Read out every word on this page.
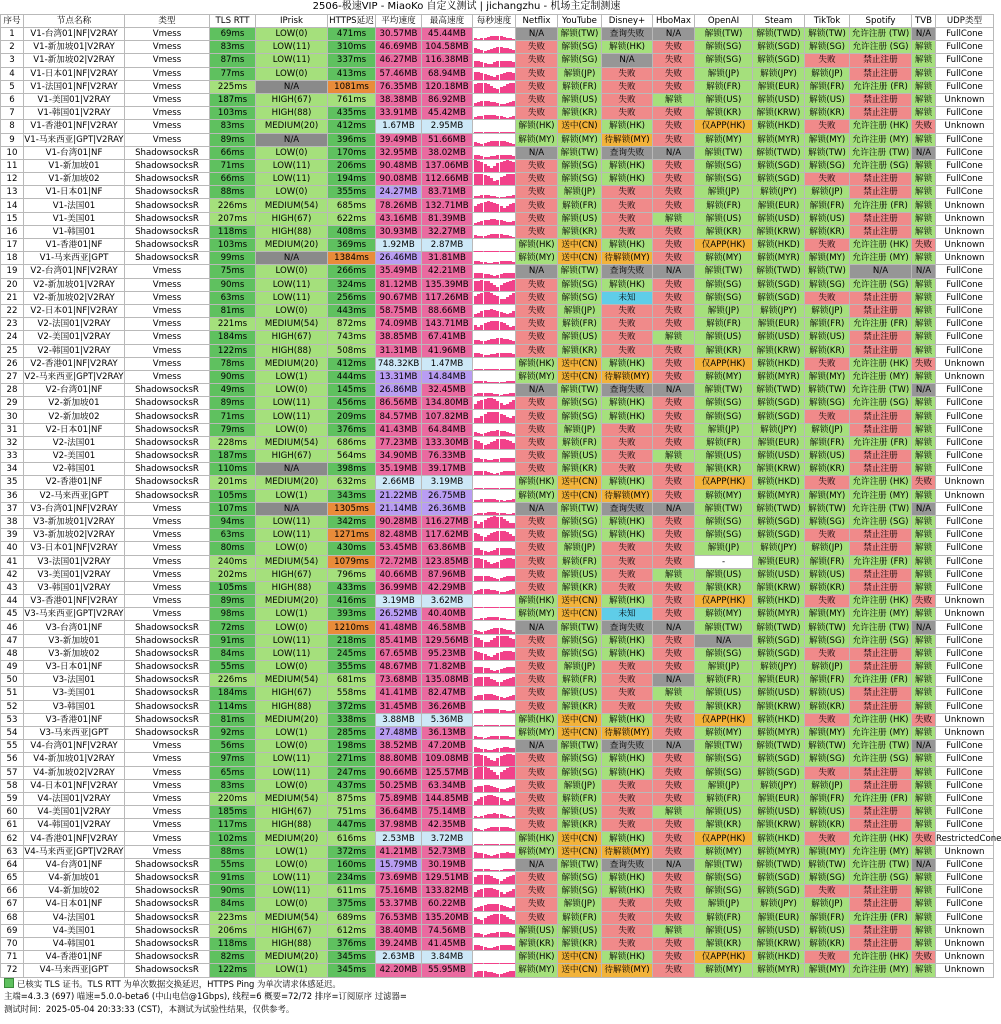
2506-极速VIP - MiaoKo 自定义测试 | jichangzhu - 机场主定制测速
序号	节点名称	类型	TLS RTT	IPrisk	HTTPS延迟	平均速度	最高速度	每秒速度	Netflix	YouTube	Disney+	HboMax	OpenAI	Steam	TikTok	Spotify	TVB	UDP类型
1	V1-台湾01|NF|V2RAY	Vmess	69ms	LOW(0)	471ms	30.57MB	45.44MB		N/A	解锁(TW)	查询失败	N/A	解锁(TW)	解锁(TWD)	解锁(TW)	允许注册 (TW)	N/A	FullCone
2	V1-新加坡01|V2RAY	Vmess	83ms	LOW(11)	310ms	46.69MB	104.58MB		失败	解锁(SG)	解锁(HK)	失败	解锁(SG)	解锁(SGD)	解锁(SG)	允许注册 (SG)	解锁	FullCone
3	V1-新加坡02|V2RAY	Vmess	87ms	LOW(11)	337ms	46.27MB	116.38MB		失败	解锁(SG)	N/A	失败	解锁(SG)	解锁(SGD)	失败	禁止注册	解锁	FullCone
4	V1-日本01|NF|V2RAY	Vmess	77ms	LOW(0)	413ms	57.46MB	68.94MB		失败	解锁(JP)	失败	失败	解锁(JP)	解锁(JPY)	解锁(JP)	禁止注册	解锁	FullCone
5	V1-法国01|NF|V2RAY	Vmess	225ms	N/A	1081ms	76.35MB	120.18MB		失败	解锁(FR)	失败	失败	解锁(FR)	解锁(EUR)	解锁(FR)	允许注册 (FR)	解锁	FullCone
6	V1-美国01|V2RAY	Vmess	187ms	HIGH(67)	761ms	38.38MB	86.92MB		失败	解锁(US)	失败	解锁	解锁(US)	解锁(USD)	解锁(US)	禁止注册	解锁	Unknown
7	V1-韩国01|V2RAY	Vmess	103ms	HIGH(88)	435ms	33.91MB	45.42MB		失败	解锁(KR)	失败	失败	解锁(KR)	解锁(KRW)	解锁(KR)	禁止注册	解锁	FullCone
8	V1-香港01|NF|V2RAY	Vmess	83ms	MEDIUM(20)	412ms	1.67MB	2.95MB		解锁(HK)	送中(CN)	解锁(HK)	失败	仅APP(HK)	解锁(HKD)	失败	允许注册 (HK)	失败	Unknown
9	V1-马来西亚|GPT|V2RAY	Vmess	89ms	N/A	396ms	39.49MB	51.66MB		解锁(MY)	解锁(MY)	待解锁(MY)	失败	解锁(MY)	解锁(MYR)	解锁(MY)	允许注册 (MY)	解锁	FullCone
10	V1-台湾01|NF	ShadowsocksR	66ms	LOW(0)	170ms	32.95MB	38.02MB		N/A	解锁(TW)	查询失败	N/A	解锁(TW)	解锁(TWD)	解锁(TW)	允许注册 (TW)	N/A	FullCone
11	V1-新加坡01	ShadowsocksR	71ms	LOW(11)	206ms	90.48MB	137.06MB		失败	解锁(SG)	解锁(HK)	失败	解锁(SG)	解锁(SGD)	解锁(SG)	允许注册 (SG)	解锁	FullCone
12	V1-新加坡02	ShadowsocksR	66ms	LOW(11)	194ms	90.08MB	112.66MB		失败	解锁(SG)	解锁(HK)	失败	解锁(SG)	解锁(SGD)	失败	禁止注册	解锁	FullCone
13	V1-日本01|NF	ShadowsocksR	88ms	LOW(0)	355ms	24.27MB	83.71MB		失败	解锁(JP)	失败	失败	解锁(JP)	解锁(JPY)	解锁(JP)	禁止注册	解锁	FullCone
14	V1-法国01	ShadowsocksR	226ms	MEDIUM(54)	685ms	78.26MB	132.71MB		失败	解锁(FR)	失败	失败	解锁(FR)	解锁(EUR)	解锁(FR)	允许注册 (FR)	解锁	Unknown
15	V1-美国01	ShadowsocksR	207ms	HIGH(67)	622ms	43.16MB	81.39MB		失败	解锁(US)	失败	解锁	解锁(US)	解锁(USD)	解锁(US)	禁止注册	解锁	Unknown
16	V1-韩国01	ShadowsocksR	118ms	HIGH(88)	408ms	30.93MB	32.27MB		失败	解锁(KR)	失败	失败	解锁(KR)	解锁(KRW)	解锁(KR)	禁止注册	解锁	Unknown
17	V1-香港01|NF	ShadowsocksR	103ms	MEDIUM(20)	369ms	1.92MB	2.87MB		解锁(HK)	送中(CN)	解锁(HK)	失败	仅APP(HK)	解锁(HKD)	失败	允许注册 (HK)	失败	Unknown
18	V1-马来西亚|GPT	ShadowsocksR	99ms	N/A	1384ms	26.46MB	31.81MB		解锁(MY)	送中(CN)	待解锁(MY)	失败	解锁(MY)	解锁(MYR)	解锁(MY)	允许注册 (MY)	解锁	Unknown
19	V2-台湾01|NF|V2RAY	Vmess	75ms	LOW(0)	266ms	35.49MB	42.21MB		N/A	解锁(TW)	查询失败	N/A	解锁(TW)	解锁(TWD)	解锁(TW)	N/A	N/A	FullCone
20	V2-新加坡01|V2RAY	Vmess	90ms	LOW(11)	324ms	81.12MB	135.39MB		失败	解锁(SG)	解锁(HK)	失败	解锁(SG)	解锁(SGD)	解锁(SG)	允许注册 (SG)	解锁	FullCone
21	V2-新加坡02|V2RAY	Vmess	63ms	LOW(11)	256ms	90.67MB	117.26MB		失败	解锁(SG)	未知	失败	解锁(SG)	解锁(SGD)	失败	禁止注册	解锁	FullCone
22	V2-日本01|NF|V2RAY	Vmess	81ms	LOW(0)	443ms	58.75MB	88.66MB		失败	解锁(JP)	失败	失败	解锁(JP)	解锁(JPY)	解锁(JP)	禁止注册	解锁	FullCone
23	V2-法国01|V2RAY	Vmess	221ms	MEDIUM(54)	872ms	74.09MB	143.71MB		失败	解锁(FR)	失败	失败	解锁(FR)	解锁(EUR)	解锁(FR)	允许注册 (FR)	解锁	FullCone
24	V2-美国01|V2RAY	Vmess	184ms	HIGH(67)	743ms	38.85MB	67.41MB		失败	解锁(US)	失败	解锁	解锁(US)	解锁(USD)	解锁(US)	禁止注册	解锁	FullCone
25	V2-韩国01|V2RAY	Vmess	122ms	HIGH(88)	508ms	31.31MB	41.96MB		失败	解锁(KR)	失败	失败	解锁(KR)	解锁(KRW)	解锁(KR)	禁止注册	解锁	FullCone
26	V2-香港01|NF|V2RAY	Vmess	78ms	MEDIUM(20)	412ms	748.32KB	1.47MB		解锁(HK)	送中(CN)	解锁(HK)	失败	仅APP(HK)	解锁(HKD)	失败	允许注册 (HK)	失败	Unknown
27	V2-马来西亚|GPT|V2RAY	Vmess	90ms	LOW(1)	444ms	13.31MB	14.84MB		解锁(MY)	送中(CN)	待解锁(MY)	失败	解锁(MY)	解锁(MYR)	解锁(MY)	允许注册 (MY)	解锁	Unknown
28	V2-台湾01|NF	ShadowsocksR	49ms	LOW(0)	145ms	26.86MB	32.45MB		N/A	解锁(TW)	查询失败	N/A	解锁(TW)	解锁(TWD)	解锁(TW)	允许注册 (TW)	N/A	FullCone
29	V2-新加坡01	ShadowsocksR	89ms	LOW(11)	456ms	86.56MB	134.80MB		失败	解锁(SG)	解锁(HK)	失败	解锁(SG)	解锁(SGD)	解锁(SG)	允许注册 (SG)	解锁	FullCone
30	V2-新加坡02	ShadowsocksR	71ms	LOW(11)	209ms	84.57MB	107.82MB		失败	解锁(SG)	解锁(HK)	失败	解锁(SG)	解锁(SGD)	失败	禁止注册	解锁	FullCone
31	V2-日本01|NF	ShadowsocksR	79ms	LOW(0)	376ms	41.43MB	64.84MB		失败	解锁(JP)	失败	失败	解锁(JP)	解锁(JPY)	解锁(JP)	禁止注册	解锁	FullCone
32	V2-法国01	ShadowsocksR	228ms	MEDIUM(54)	686ms	77.23MB	133.30MB		失败	解锁(FR)	失败	失败	解锁(FR)	解锁(EUR)	解锁(FR)	允许注册 (FR)	解锁	FullCone
33	V2-美国01	ShadowsocksR	187ms	HIGH(67)	564ms	34.90MB	76.33MB		失败	解锁(US)	失败	解锁	解锁(US)	解锁(USD)	解锁(US)	禁止注册	解锁	FullCone
34	V2-韩国01	ShadowsocksR	110ms	N/A	398ms	35.19MB	39.17MB		失败	解锁(KR)	失败	失败	解锁(KR)	解锁(KRW)	解锁(KR)	禁止注册	解锁	FullCone
35	V2-香港01|NF	ShadowsocksR	201ms	MEDIUM(20)	632ms	2.66MB	3.19MB		解锁(HK)	送中(CN)	解锁(HK)	失败	仅APP(HK)	解锁(HKD)	失败	允许注册 (HK)	失败	Unknown
36	V2-马来西亚|GPT	ShadowsocksR	105ms	LOW(1)	343ms	21.22MB	26.75MB		解锁(MY)	送中(CN)	待解锁(MY)	失败	解锁(MY)	解锁(MYR)	解锁(MY)	允许注册 (MY)	解锁	Unknown
37	V3-台湾01|NF|V2RAY	Vmess	107ms	N/A	1305ms	21.14MB	26.36MB		N/A	解锁(TW)	查询失败	N/A	解锁(TW)	解锁(TWD)	解锁(TW)	允许注册 (TW)	N/A	FullCone
38	V3-新加坡01|V2RAY	Vmess	94ms	LOW(11)	342ms	90.28MB	116.27MB		失败	解锁(SG)	解锁(HK)	失败	解锁(SG)	解锁(SGD)	解锁(SG)	允许注册 (SG)	解锁	FullCone
39	V3-新加坡02|V2RAY	Vmess	63ms	LOW(11)	1271ms	82.48MB	117.62MB		失败	解锁(SG)	解锁(HK)	失败	解锁(SG)	解锁(SGD)	失败	禁止注册	解锁	FullCone
40	V3-日本01|NF|V2RAY	Vmess	80ms	LOW(0)	430ms	53.45MB	63.86MB		失败	解锁(JP)	失败	失败	解锁(JP)	解锁(JPY)	解锁(JP)	禁止注册	解锁	FullCone
41	V3-法国01|V2RAY	Vmess	240ms	MEDIUM(54)	1079ms	72.72MB	123.85MB		失败	解锁(FR)	失败	失败	-	解锁(EUR)	解锁(FR)	允许注册 (FR)	解锁	FullCone
42	V3-美国01|V2RAY	Vmess	202ms	HIGH(67)	796ms	40.66MB	87.96MB		失败	解锁(US)	失败	解锁	解锁(US)	解锁(USD)	解锁(US)	禁止注册	解锁	FullCone
43	V3-韩国01|V2RAY	Vmess	105ms	HIGH(88)	433ms	36.99MB	42.29MB		失败	解锁(KR)	失败	失败	解锁(KR)	解锁(KRW)	解锁(KR)	禁止注册	解锁	FullCone
44	V3-香港01|NF|V2RAY	Vmess	89ms	MEDIUM(20)	416ms	3.19MB	3.62MB		解锁(HK)	送中(CN)	解锁(HK)	失败	仅APP(HK)	解锁(HKD)	失败	允许注册 (HK)	失败	Unknown
45	V3-马来西亚|GPT|V2RAY	Vmess	98ms	LOW(1)	393ms	26.52MB	40.40MB		解锁(MY)	送中(CN)	未知	失败	解锁(MY)	解锁(MYR)	解锁(MY)	允许注册 (MY)	解锁	Unknown
46	V3-台湾01|NF	ShadowsocksR	72ms	LOW(0)	1210ms	41.48MB	46.58MB		N/A	解锁(TW)	查询失败	N/A	解锁(TW)	解锁(TWD)	解锁(TW)	允许注册 (TW)	N/A	FullCone
47	V3-新加坡01	ShadowsocksR	91ms	LOW(11)	218ms	85.41MB	129.56MB		失败	解锁(SG)	解锁(HK)	失败	N/A	解锁(SGD)	解锁(SG)	允许注册 (SG)	解锁	FullCone
48	V3-新加坡02	ShadowsocksR	84ms	LOW(11)	245ms	67.65MB	95.23MB		失败	解锁(SG)	解锁(HK)	失败	解锁(SG)	解锁(SGD)	失败	禁止注册	解锁	FullCone
49	V3-日本01|NF	ShadowsocksR	55ms	LOW(0)	355ms	48.67MB	71.82MB		失败	解锁(JP)	失败	失败	解锁(JP)	解锁(JPY)	解锁(JP)	禁止注册	解锁	FullCone
50	V3-法国01	ShadowsocksR	226ms	MEDIUM(54)	681ms	73.68MB	135.08MB		失败	解锁(FR)	失败	N/A	解锁(FR)	解锁(EUR)	解锁(FR)	允许注册 (FR)	解锁	FullCone
51	V3-美国01	ShadowsocksR	184ms	HIGH(67)	558ms	41.41MB	82.47MB		失败	解锁(US)	失败	解锁	解锁(US)	解锁(USD)	解锁(US)	禁止注册	解锁	FullCone
52	V3-韩国01	ShadowsocksR	114ms	HIGH(88)	372ms	31.45MB	36.26MB		失败	解锁(KR)	失败	失败	解锁(KR)	解锁(KRW)	解锁(KR)	禁止注册	解锁	FullCone
53	V3-香港01|NF	ShadowsocksR	81ms	MEDIUM(20)	338ms	3.88MB	5.36MB		解锁(HK)	送中(CN)	解锁(HK)	失败	仅APP(HK)	解锁(HKD)	失败	允许注册 (HK)	失败	Unknown
54	V3-马来西亚|GPT	ShadowsocksR	92ms	LOW(1)	285ms	27.48MB	36.13MB		解锁(MY)	送中(CN)	待解锁(MY)	失败	解锁(MY)	解锁(MYR)	解锁(MY)	允许注册 (MY)	解锁	Unknown
55	V4-台湾01|NF|V2RAY	Vmess	56ms	LOW(0)	198ms	38.52MB	47.20MB		N/A	解锁(TW)	查询失败	N/A	解锁(TW)	解锁(TWD)	解锁(TW)	允许注册 (TW)	N/A	FullCone
56	V4-新加坡01|V2RAY	Vmess	97ms	LOW(11)	271ms	88.80MB	109.08MB		失败	解锁(SG)	解锁(HK)	失败	解锁(SG)	解锁(SGD)	解锁(SG)	允许注册 (SG)	解锁	FullCone
57	V4-新加坡02|V2RAY	Vmess	65ms	LOW(11)	247ms	90.66MB	125.57MB		失败	解锁(SG)	解锁(HK)	失败	解锁(SG)	解锁(SGD)	失败	禁止注册	解锁	FullCone
58	V4-日本01|NF|V2RAY	Vmess	83ms	LOW(0)	437ms	50.25MB	63.34MB		失败	解锁(JP)	失败	失败	解锁(JP)	解锁(JPY)	解锁(JP)	禁止注册	解锁	FullCone
59	V4-法国01|V2RAY	Vmess	220ms	MEDIUM(54)	875ms	75.89MB	144.85MB		失败	解锁(FR)	失败	失败	解锁(FR)	解锁(EUR)	解锁(FR)	允许注册 (FR)	解锁	FullCone
60	V4-美国01|V2RAY	Vmess	185ms	HIGH(67)	751ms	36.64MB	75.14MB		失败	解锁(US)	失败	解锁	解锁(US)	解锁(USD)	解锁(US)	禁止注册	解锁	FullCone
61	V4-韩国01|V2RAY	Vmess	117ms	HIGH(88)	447ms	37.98MB	42.35MB		失败	解锁(KR)	失败	失败	解锁(KR)	解锁(KRW)	解锁(KR)	禁止注册	解锁	FullCone
62	V4-香港01|NF|V2RAY	Vmess	102ms	MEDIUM(20)	616ms	2.53MB	3.72MB		解锁(HK)	送中(CN)	解锁(HK)	失败	仅APP(HK)	解锁(HKD)	失败	允许注册 (HK)	失败	RestrictedCone
63	V4-马来西亚|GPT|V2RAY	Vmess	88ms	LOW(1)	372ms	41.21MB	52.73MB		解锁(MY)	送中(CN)	待解锁(MY)	失败	解锁(MY)	解锁(MYR)	解锁(MY)	允许注册 (MY)	解锁	Unknown
64	V4-台湾01|NF	ShadowsocksR	55ms	LOW(0)	160ms	15.79MB	30.19MB		N/A	解锁(TW)	查询失败	N/A	解锁(TW)	解锁(TWD)	解锁(TW)	允许注册 (TW)	N/A	FullCone
65	V4-新加坡01	ShadowsocksR	91ms	LOW(11)	234ms	73.69MB	129.51MB		失败	解锁(SG)	解锁(HK)	失败	解锁(SG)	解锁(SGD)	解锁(SG)	允许注册 (SG)	解锁	FullCone
66	V4-新加坡02	ShadowsocksR	90ms	LOW(11)	611ms	75.16MB	133.82MB		失败	解锁(SG)	解锁(HK)	失败	解锁(SG)	解锁(SGD)	失败	禁止注册	解锁	FullCone
67	V4-日本01|NF	ShadowsocksR	84ms	LOW(0)	375ms	53.37MB	60.22MB		失败	解锁(JP)	失败	失败	解锁(JP)	解锁(JPY)	解锁(JP)	禁止注册	解锁	FullCone
68	V4-法国01	ShadowsocksR	223ms	MEDIUM(54)	689ms	76.53MB	135.20MB		失败	解锁(FR)	失败	失败	解锁(FR)	解锁(EUR)	解锁(FR)	允许注册 (FR)	解锁	FullCone
69	V4-美国01	ShadowsocksR	206ms	HIGH(67)	612ms	38.40MB	74.56MB		解锁(US)	解锁(US)	失败	解锁	解锁(US)	解锁(USD)	解锁(US)	禁止注册	解锁	Unknown
70	V4-韩国01	ShadowsocksR	118ms	HIGH(88)	376ms	39.24MB	41.45MB		解锁(KR)	解锁(KR)	失败	失败	解锁(KR)	解锁(KRW)	解锁(KR)	禁止注册	解锁	Unknown
71	V4-香港01|NF	ShadowsocksR	82ms	MEDIUM(20)	345ms	2.63MB	3.84MB		解锁(HK)	送中(CN)	解锁(HK)	失败	仅APP(HK)	解锁(HKD)	失败	允许注册 (HK)	失败	Unknown
72	V4-马来西亚|GPT	ShadowsocksR	122ms	LOW(1)	345ms	42.20MB	55.95MB		解锁(MY)	送中(CN)	待解锁(MY)	失败	解锁(MY)	解锁(MYR)	解锁(MY)	允许注册 (MY)	解锁	Unknown
已核实 TLS 证书。TLS RTT 为单次数据交换延迟，HTTPS Ping 为单次请求体感延迟。
主端=4.3.3 (697) 喵速=5.0.0-beta6 (中山电信@1Gbps), 线程=6 概要=72/72 排序=订阅原序 过滤器=
测试时间：2025-05-04 20:33:33 (CST)，本测试为试验性结果，仅供参考。
